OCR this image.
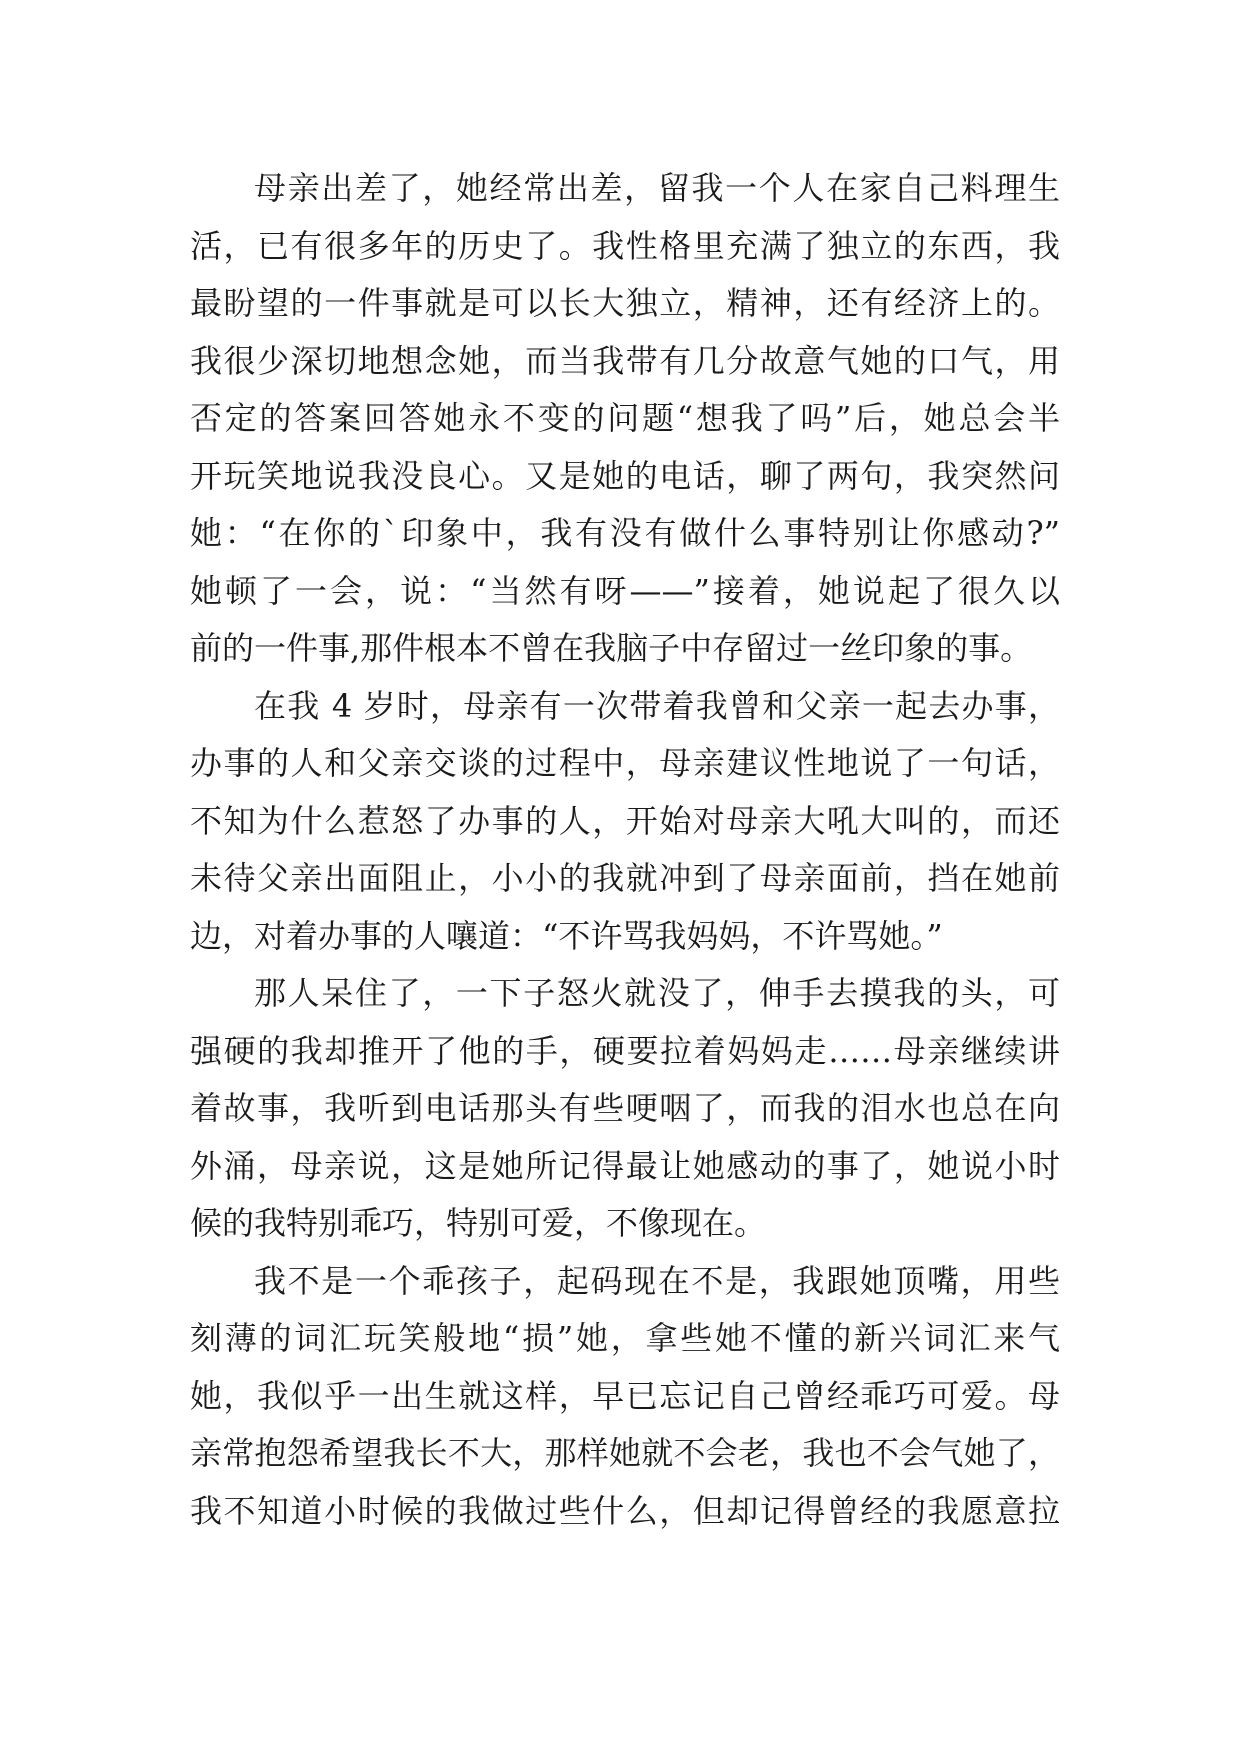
母亲出差了，她经常出差，留我一个人在家自己料理生
活，已有很多年的历史了。我性格里充满了独立的东西，我
最盼望的一件事就是可以长大独立，精神，还有经济上的。
我很少深切地想念她，而当我带有几分故意气她的口气，用
否定的答案回答她永不变的问题“想我了吗”后，她总会半
开玩笑地说我没良心。又是她的电话，聊了两句，我突然问
她：“在你的`印象中，我有没有做什么事特别让你感动?”
她顿了一会，说：“当然有呀——”接着，她说起了很久以
前的一件事,那件根本不曾在我脑子中存留过一丝印象的事。
在我 4 岁时，母亲有一次带着我曾和父亲一起去办事，
办事的人和父亲交谈的过程中，母亲建议性地说了一句话，
不知为什么惹怒了办事的人，开始对母亲大吼大叫的，而还
未待父亲出面阻止，小小的我就冲到了母亲面前，挡在她前
边，对着办事的人嚷道：“不许骂我妈妈，不许骂她。”
那人呆住了，一下子怒火就没了，伸手去摸我的头，可
强硬的我却推开了他的手，硬要拉着妈妈走……母亲继续讲
着故事，我听到电话那头有些哽咽了，而我的泪水也总在向
外涌，母亲说，这是她所记得最让她感动的事了，她说小时
候的我特别乖巧，特别可爱，不像现在。
我不是一个乖孩子，起码现在不是，我跟她顶嘴，用些
刻薄的词汇玩笑般地“损”她，拿些她不懂的新兴词汇来气
她，我似乎一出生就这样，早已忘记自己曾经乖巧可爱。母
亲常抱怨希望我长不大，那样她就不会老，我也不会气她了，
我不知道小时候的我做过些什么，但却记得曾经的我愿意拉
